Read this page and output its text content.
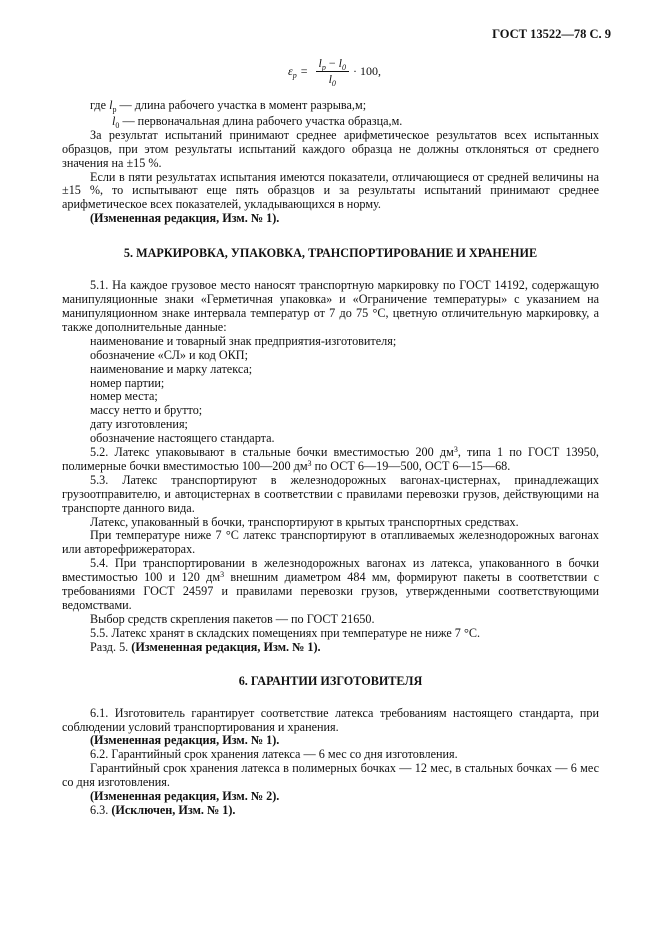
ГОСТ 13522—78 С. 9
$\varepsilon_р = \frac{l_р - l_0}{l_0} \cdot 100$,

где $l_р$ — длина рабочего участка в момент разрыва,м;

$l_0$ — первоначальная длина рабочего участка образца,м.

За результат испытаний принимают среднее арифметическое результатов всех испытанных образцов, при этом результаты испытаний каждого образца не должны отклоняться от среднего значения на ±15 %.

Если в пяти результатах испытания имеются показатели, отличающиеся от средней величины на ±15 %, то испытывают еще пять образцов и за результаты испытаний принимают среднее арифметическое всех показателей, укладывающихся в норму.

(Измененная редакция, Изм. № 1).

5. МАРКИРОВКА, УПАКОВКА, ТРАНСПОРТИРОВАНИЕ И ХРАНЕНИЕ

5.1. На каждое грузовое место наносят транспортную маркировку по ГОСТ 14192, содержащую манипуляционные знаки «Герметичная упаковка» и «Ограничение температуры» с указанием на манипуляционном знаке интервала температур от 7 до 75 °С, цветную отличительную маркировку, а также дополнительные данные:

наименование и товарный знак предприятия-изготовителя;

обозначение «СЛ» и код ОКП;

наименование и марку латекса;

номер партии;

номер места;

массу нетто и брутто;

дату изготовления;

обозначение настоящего стандарта.

5.2. Латекс упаковывают в стальные бочки вместимостью 200 $дм^3$, типа 1 по ГОСТ 13950, полимерные бочки вместимостью 100—200 $дм^3$ по ОСТ 6—19—500, ОСТ 6—15—68.

5.3. Латекс транспортируют в железнодорожных вагонах-цистернах, принадлежащих грузоотправителю, и автоцистернах в соответствии с правилами перевозки грузов, действующими на транспорте данного вида.

Латекс, упакованный в бочки, транспортируют в крытых транспортных средствах.

При температуре ниже 7 °С латекс транспортируют в отапливаемых железнодорожных вагонах или авторефрижераторах.

5.4. При транспортировании в железнодорожных вагонах из латекса, упакованного в бочки вместимостью 100 и 120 $дм^3$ внешним диаметром 484 мм, формируют пакеты в соответствии с требованиями ГОСТ 24597 и правилами перевозки грузов, утвержденными соответствующими ведомствами.

Выбор средств скрепления пакетов — по ГОСТ 21650.

5.5. Латекс хранят в складских помещениях при температуре не ниже 7 °С.

Разд. 5. (Измененная редакция, Изм. № 1).

6. ГАРАНТИИ ИЗГОТОВИТЕЛЯ

6.1. Изготовитель гарантирует соответствие латекса требованиям настоящего стандарта, при соблюдении условий транспортирования и хранения.

(Измененная редакция, Изм. № 1).

6.2. Гарантийный срок хранения латекса — 6 мес со дня изготовления.

Гарантийный срок хранения латекса в полимерных бочках — 12 мес, в стальных бочках — 6 мес со дня изготовления.

(Измененная редакция, Изм. № 2).

6.3. (Исключен, Изм. № 1).
